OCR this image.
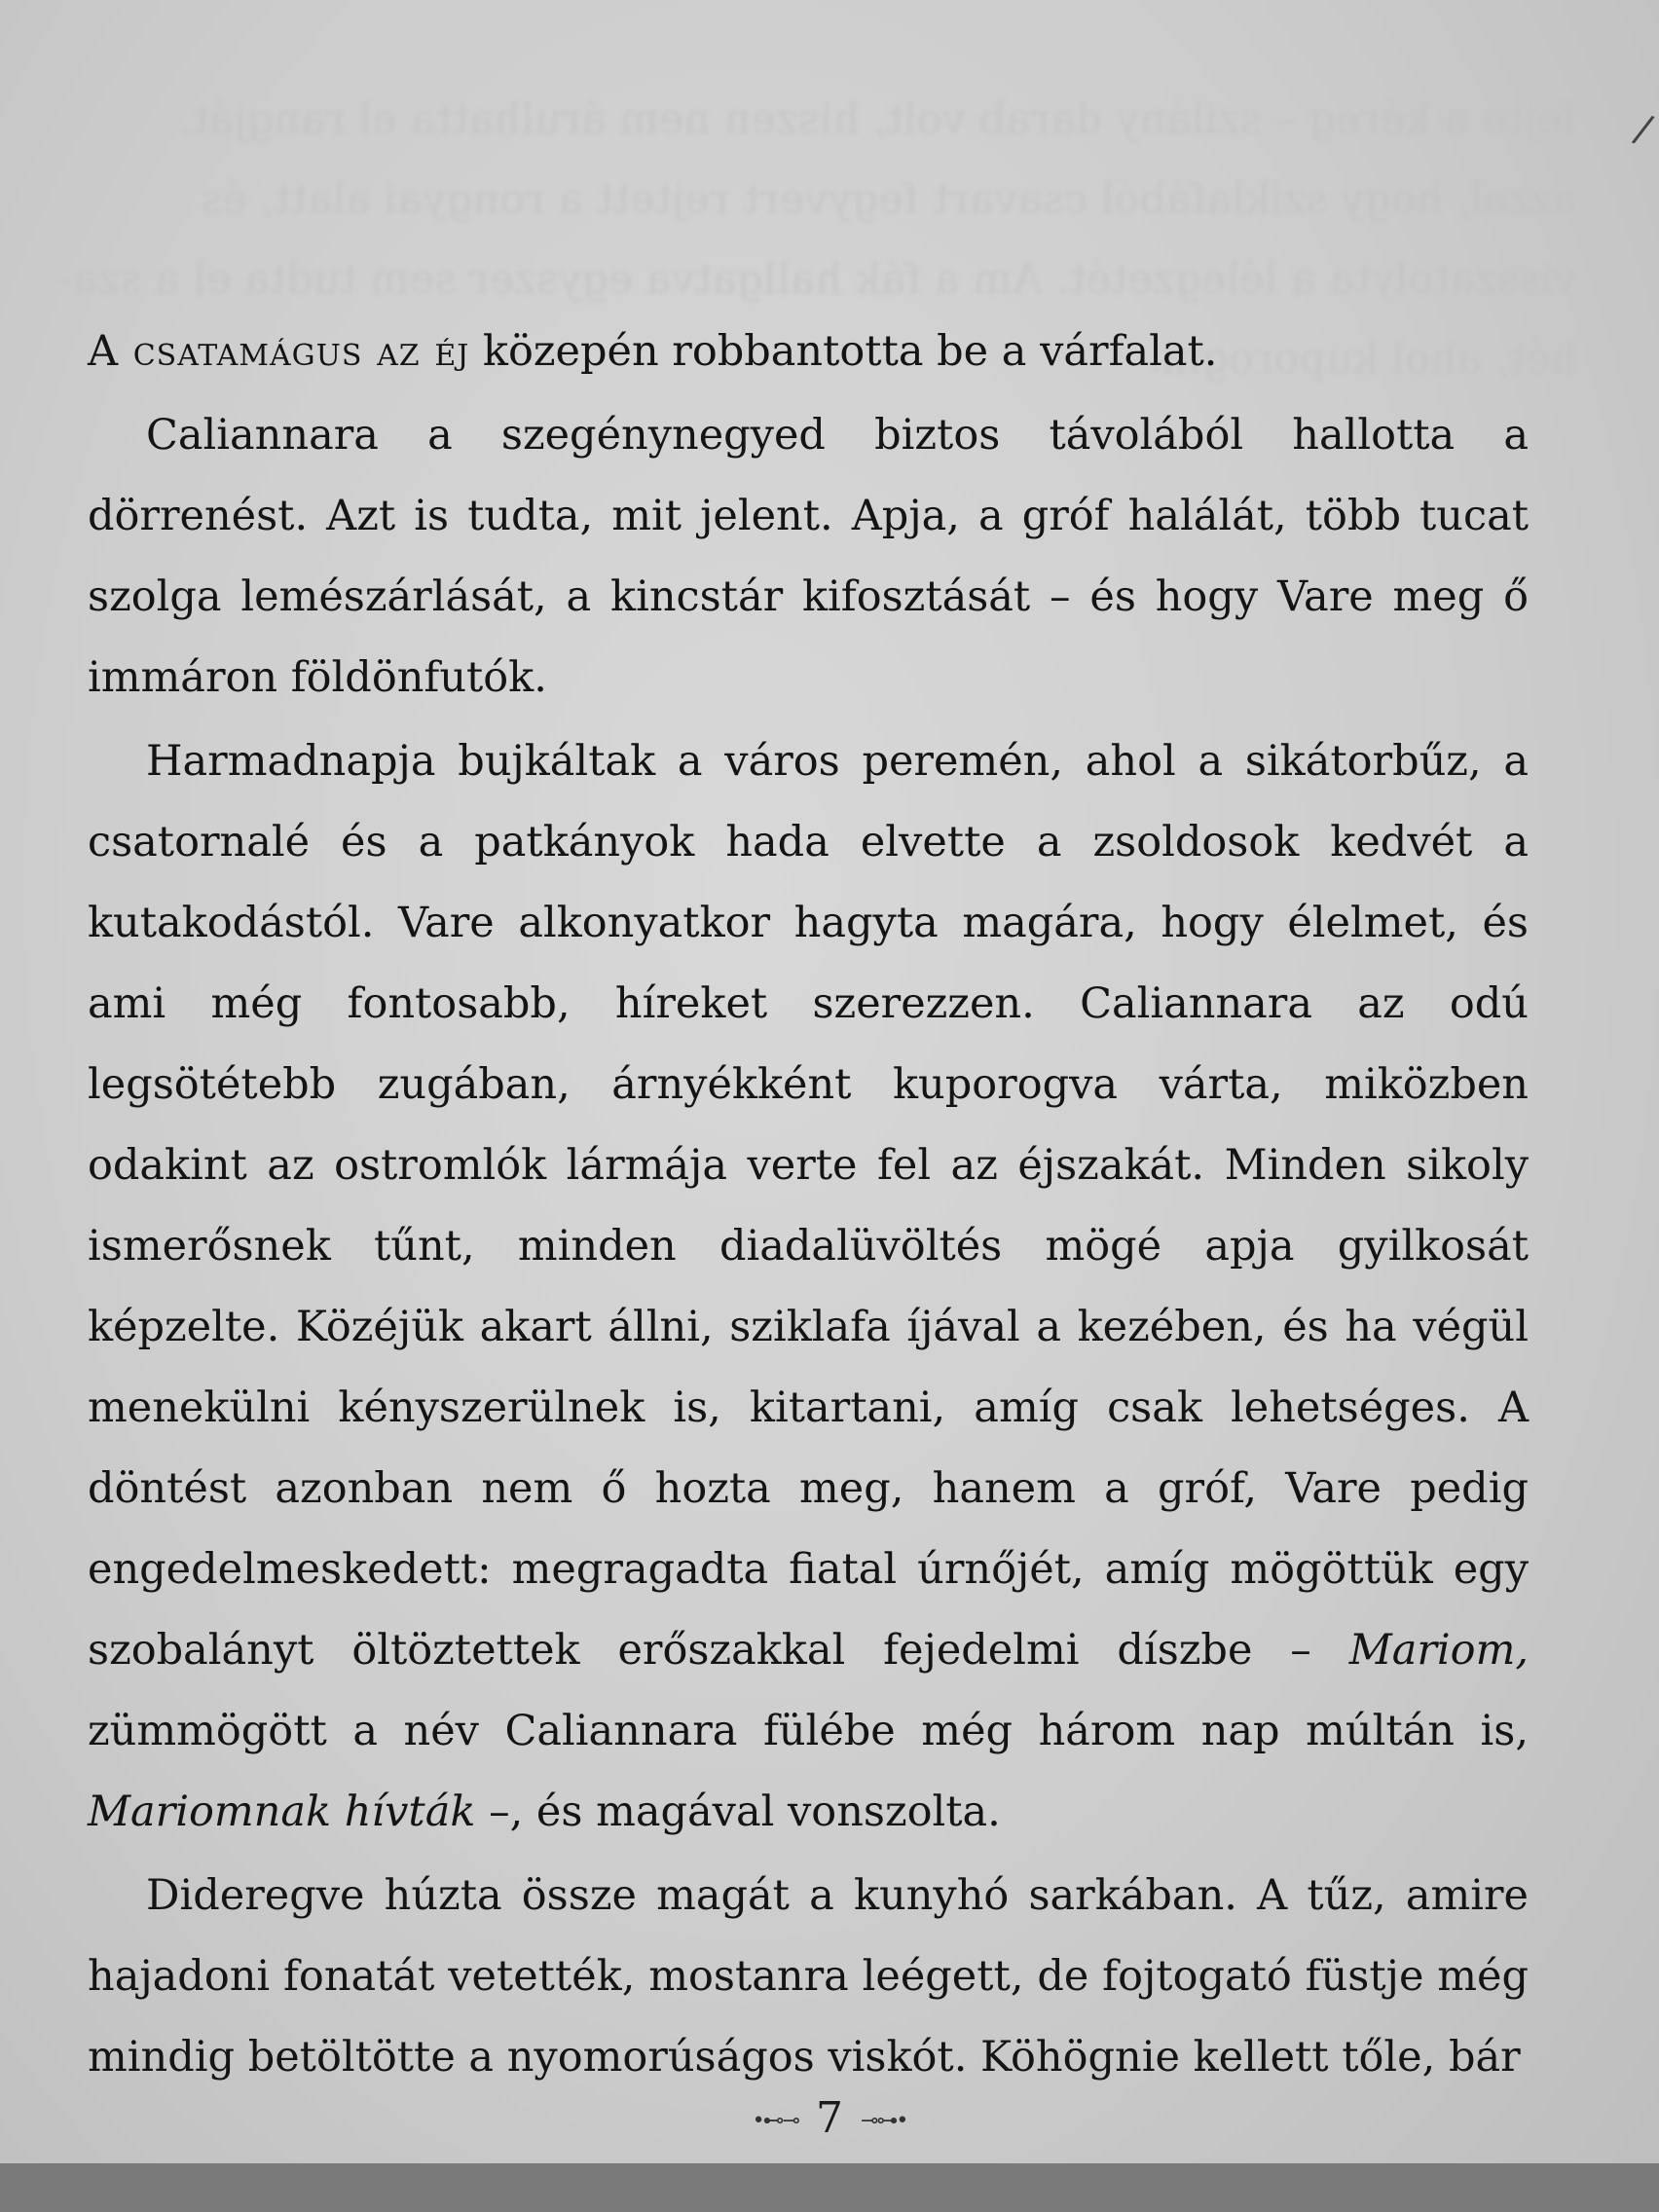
fejte a kéreg – szilány darab volt, hiszen nem árulhatta el rangját.
azzal, hogy sziklafából csavart fegyvert rejtett a rongyai alatt, és
visszatolyta a lélegzetét. Am a fák hallgatva egyszer sem tudta el a sza-
hét, ahol kuporogni.
/

A csatamágus az éj közepén robbantotta be a várfalat.

Caliannara a szegénynegyed biztos távolából hallotta a dörrenést. Azt is tudta, mit jelent. Apja, a gróf halálát, több tucat szolga lemészárlását, a kincstár kifosztását – és hogy Vare meg ő immáron földönfutók.

Harmadnapja bujkáltak a város peremén, ahol a sikátorbűz, a csatornalé és a patkányok hada elvette a zsoldosok kedvét a kutakodástól. Vare alkonyatkor hagyta magára, hogy élelmet, és ami még fontosabb, híreket szerezzen. Caliannara az odú legsötétebb zugában, árnyékként kuporogva várta, miközben odakint az ostromlók lármája verte fel az éjszakát. Minden sikoly ismerősnek tűnt, minden diadalüvöltés mögé apja gyilkosát képzelte. Közéjük akart állni, sziklafa íjával a kezében, és ha végül menekülni kényszerülnek is, kitartani, amíg csak lehetséges. A döntést azonban nem ő hozta meg, hanem a gróf, Vare pedig engedelmeskedett: megragadta fiatal úrnőjét, amíg mögöttük egy szobalányt öltöztettek erőszakkal fejedelmi díszbe – Mariom, zümmögött a név Caliannara fülébe még három nap múltán is, Mariomnak hívták –, és magával vonszolta.

Dideregve húzta össze magát a kunyhó sarkában. A tűz, amire hajadoni fonatát vetették, mostanra leégett, de fojtogató füstje még mindig betöltötte a nyomorúságos viskót. Köhögnie kellett tőle, bár

•⊷⊸ 7 ⊸⊶•
